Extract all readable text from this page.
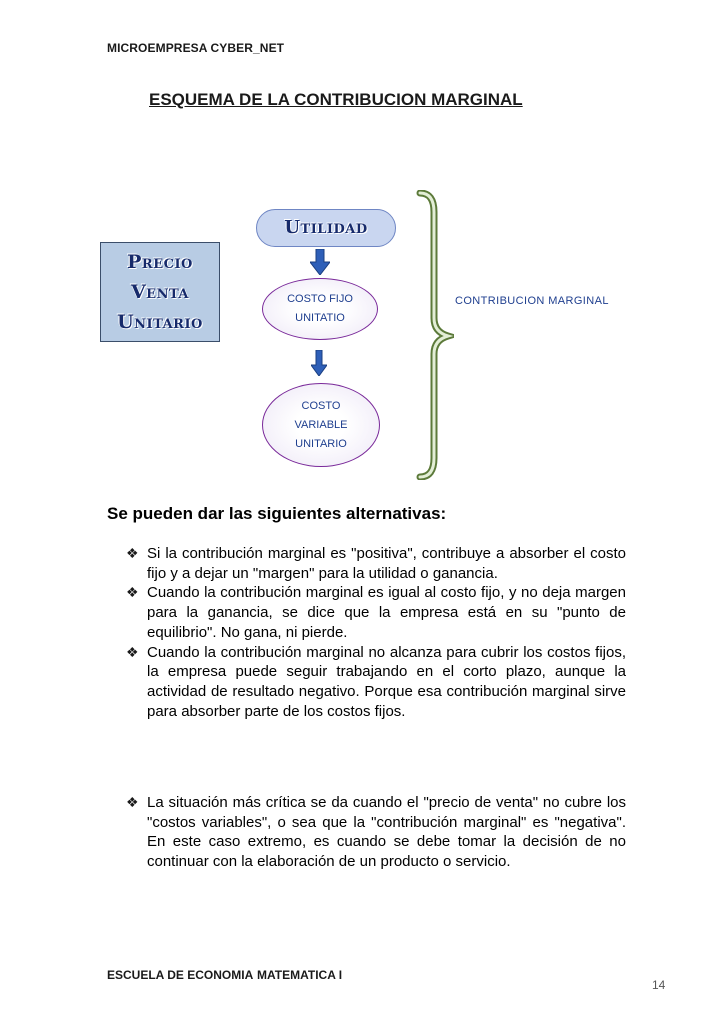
MICROEMPRESA CYBER_NET
ESQUEMA DE LA CONTRIBUCION MARGINAL
Precio
Venta
Unitario
Utilidad
COSTO FIJO
UNITATIO
COSTO
VARIABLE
UNITARIO
CONTRIBUCION MARGINAL
Se pueden dar las siguientes alternativas:
❖ Si la contribución marginal es "positiva", contribuye a absorber el costo fijo y a dejar un "margen" para la utilidad o ganancia.
❖ Cuando la contribución marginal es igual al costo fijo, y no deja margen para la ganancia, se dice que la empresa está en su "punto de equilibrio". No gana, ni pierde.
❖ Cuando la contribución marginal no alcanza para cubrir los costos fijos, la empresa puede seguir trabajando en el corto plazo, aunque la actividad de resultado negativo. Porque esa contribución marginal sirve para absorber parte de los costos fijos.
❖ La situación más crítica se da cuando el "precio de venta" no cubre los "costos variables", o sea que la "contribución marginal" es "negativa". En este caso extremo, es cuando se debe tomar la decisión de no continuar con la elaboración de un producto o servicio.
ESCUELA DE ECONOMIA MATEMATICA I
14
